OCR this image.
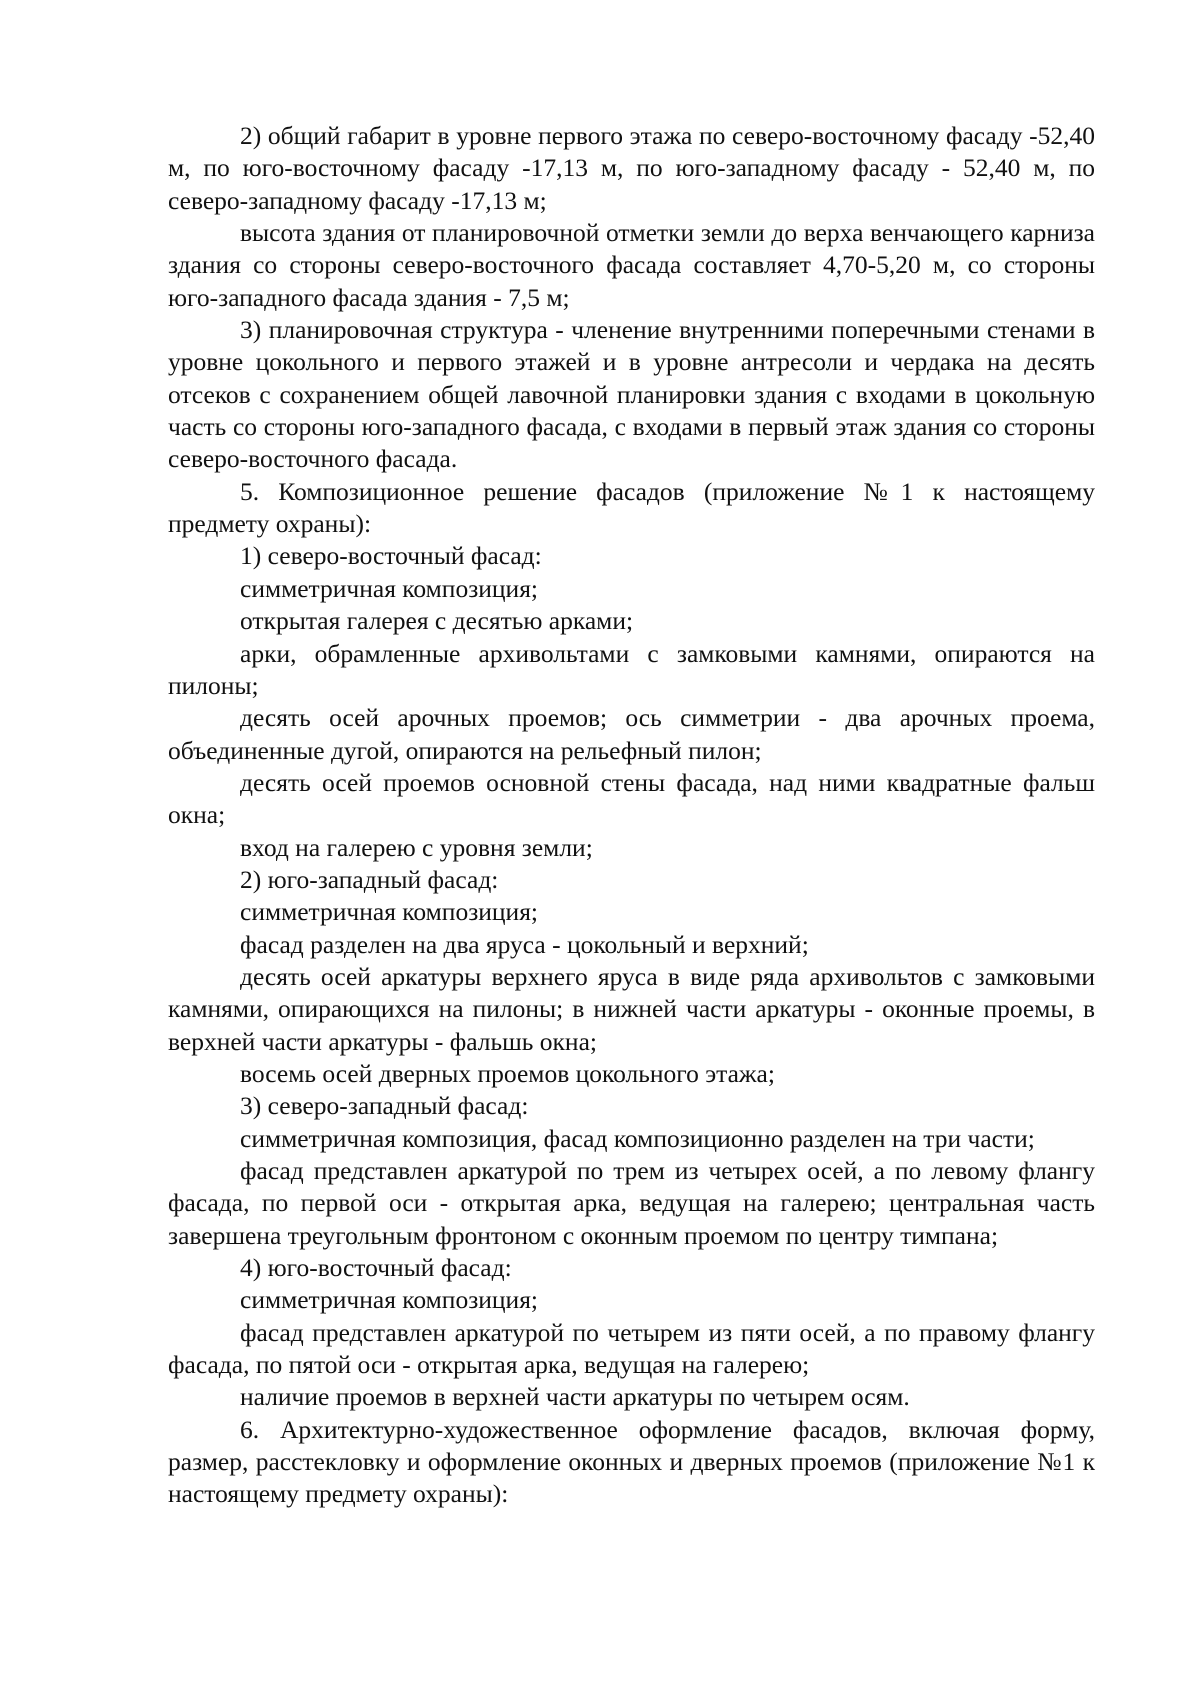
2) общий габарит в уровне первого этажа по северо-восточному фасаду -52,40 м, по юго-восточному фасаду -17,13 м, по юго-западному фасаду - 52,40 м, по северо-западному фасаду -17,13 м;

высота здания от планировочной отметки земли до верха венчающего карниза здания со стороны северо-восточного фасада составляет 4,70-5,20 м, со стороны юго-западного фасада здания - 7,5 м;

3) планировочная структура - членение внутренними поперечными стенами в уровне цокольного и первого этажей и в уровне антресоли и чердака на десять отсеков с сохранением общей лавочной планировки здания с входами в цокольную часть со стороны юго-западного фасада, с входами в первый этаж здания со стороны северо-восточного фасада.

5. Композиционное решение фасадов (приложение №1 к настоящему предмету охраны):

1) северо-восточный фасад:

симметричная композиция;

открытая галерея с десятью арками;

арки, обрамленные архивольтами с замковыми камнями, опираются на пилоны;

десять осей арочных проемов; ось симметрии - два арочных проема, объединенные дугой, опираются на рельефный пилон;

десять осей проемов основной стены фасада, над ними квадратные фальш окна;

вход на галерею с уровня земли;

2) юго-западный фасад:

симметричная композиция;

фасад разделен на два яруса - цокольный и верхний;

десять осей аркатуры верхнего яруса в виде ряда архивольтов с замковыми камнями, опирающихся на пилоны; в нижней части аркатуры - оконные проемы, в верхней части аркатуры - фальшь окна;

восемь осей дверных проемов цокольного этажа;

3) северо-западный фасад:

симметричная композиция, фасад композиционно разделен на три части;

фасад представлен аркатурой по трем из четырех осей, а по левому флангу фасада, по первой оси - открытая арка, ведущая на галерею; центральная часть завершена треугольным фронтоном с оконным проемом по центру тимпана;

4) юго-восточный фасад:

симметричная композиция;

фасад представлен аркатурой по четырем из пяти осей, а по правому флангу фасада, по пятой оси - открытая арка, ведущая на галерею;

наличие проемов в верхней части аркатуры по четырем осям.

6. Архитектурно-художественное оформление фасадов, включая форму, размер, расстекловку и оформление оконных и дверных проемов (приложение №1 к настоящему предмету охраны):
